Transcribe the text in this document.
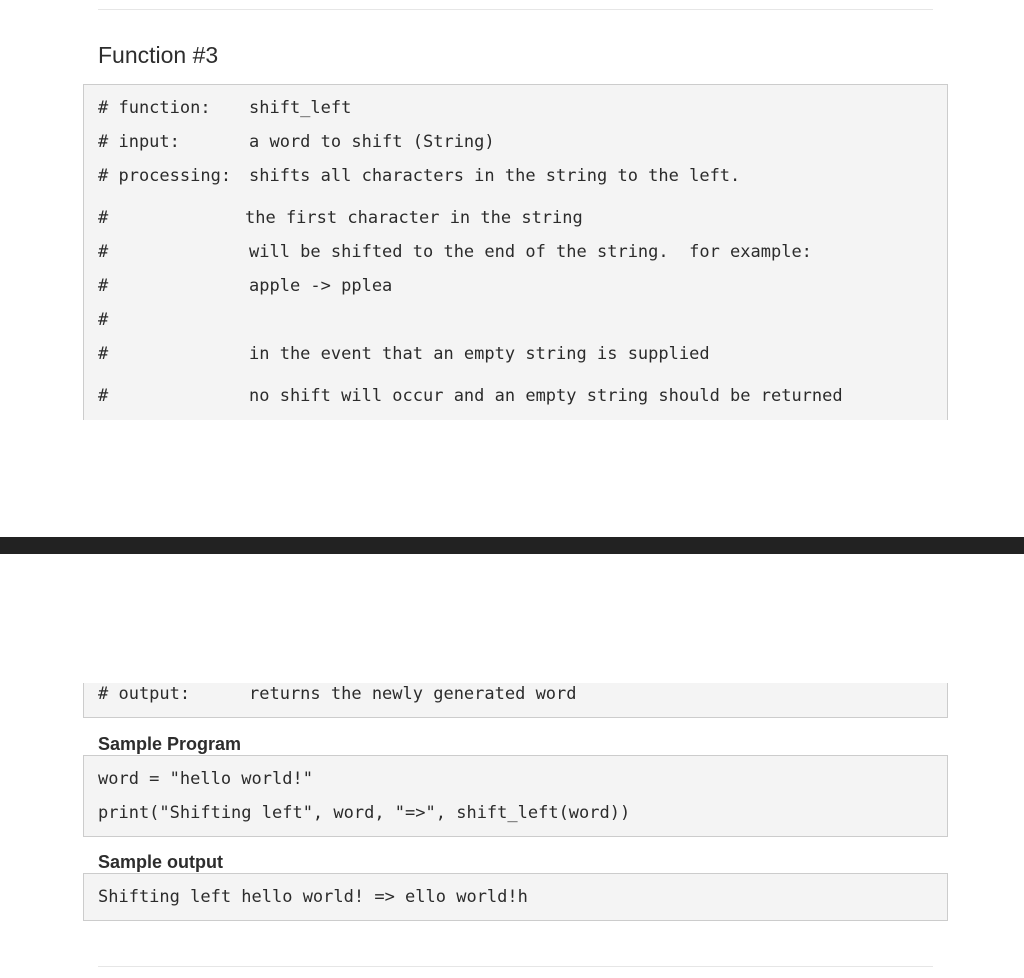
Function #3
# function: shift_left
# input:	a word to shift (String)
# processing: shifts all characters in the string to the left.
#	the first character in the string
#	will be shifted to the end of the string.  for example:
#	apple -> pplea
#
#	in the event that an empty string is supplied
#	no shift will occur and an empty string should be returned
# output:	returns the newly generated word
Sample Program
word = "hello world!"
print("Shifting left", word, "=>", shift_left(word))
Sample output
Shifting left hello world! => ello world!h
